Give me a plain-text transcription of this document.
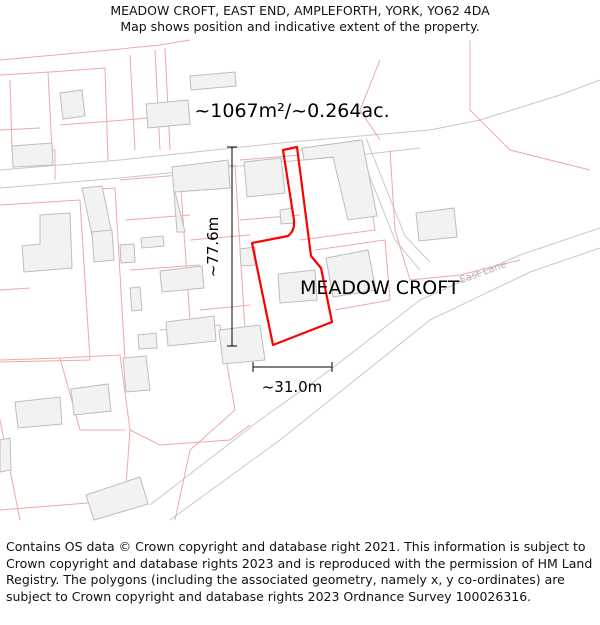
MEADOW CROFT, EAST END, AMPLEFORTH, YORK, YO62 4DA
Map shows position and indicative extent of the property.
~1067m²/~0.264ac.
MEADOW CROFT
East Lane
~77.6m
~31.0m
Contains OS data © Crown copyright and database right 2021. This information is subject to Crown copyright and database rights 2023 and is reproduced with the permission of HM Land Registry. The polygons (including the associated geometry, namely x, y co-ordinates) are subject to Crown copyright and database rights 2023 Ordnance Survey 100026316.
